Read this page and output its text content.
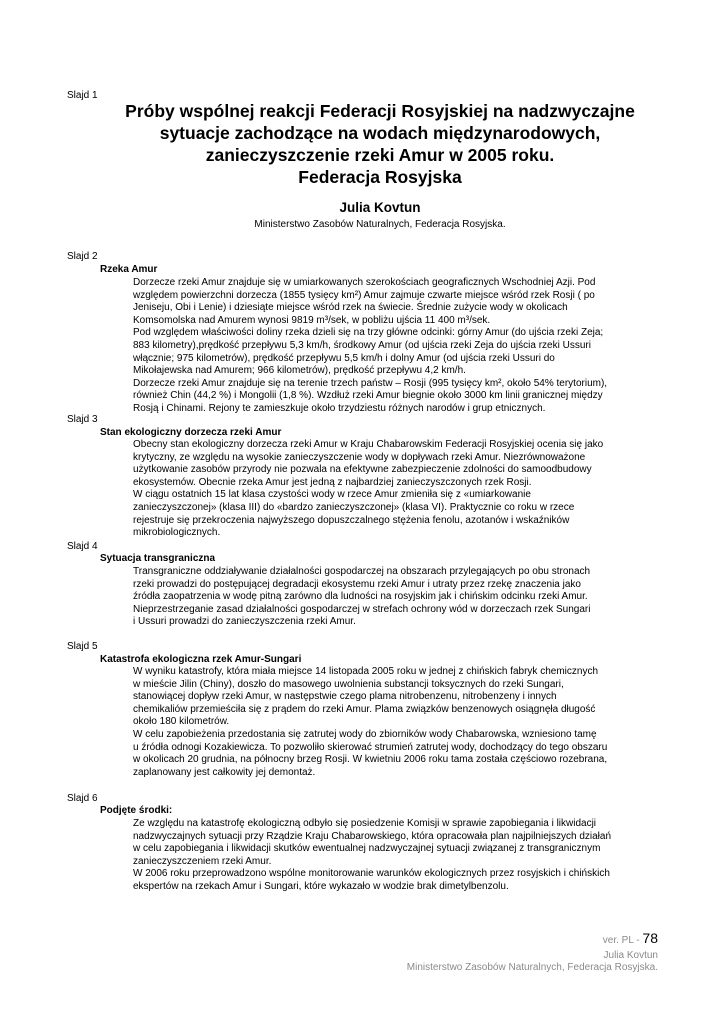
Slajd 1
Próby wspólnej reakcji Federacji Rosyjskiej na nadzwyczajne
sytuacje zachodzące na wodach międzynarodowych,
zanieczyszczenie rzeki Amur w 2005 roku.
Federacja Rosyjska
Julia Kovtun
Ministerstwo Zasobów Naturalnych, Federacja Rosyjska.
Slajd 2
Rzeka Amur
Dorzecze rzeki Amur znajduje się w umiarkowanych szerokościach geograficznych Wschodniej Azji. Pod
względem powierzchni dorzecza (1855 tysięcy km²) Amur zajmuje czwarte miejsce wśród rzek Rosji ( po
Jeniseju, Obi i Lenie) i dziesiąte miejsce wśród rzek na świecie. Średnie zużycie wody w okolicach
Komsomolska nad Amurem wynosi 9819 m³/sek, w pobliżu ujścia 11 400 m³/sek.
Pod względem właściwości doliny rzeka dzieli się na trzy główne odcinki: górny Amur (do ujścia rzeki Zeja;
883 kilometry),prędkość przepływu 5,3 km/h, środkowy Amur (od ujścia rzeki Zeja do ujścia rzeki Ussuri
włącznie; 975 kilometrów), prędkość przepływu 5,5 km/h i dolny Amur (od ujścia rzeki Ussuri do
Mikołajewska nad Amurem; 966 kilometrów), prędkość przepływu 4,2 km/h.
Dorzecze rzeki Amur znajduje się na terenie trzech państw – Rosji (995 tysięcy km², około 54% terytorium),
również Chin (44,2 %) i Mongolii (1,8 %). Wzdłuż rzeki Amur biegnie około 3000 km linii granicznej między
Rosją i Chinami. Rejony te zamieszkuje około trzydziestu różnych narodów i grup etnicznych.
Slajd 3
Stan ekologiczny dorzecza rzeki Amur
Obecny stan ekologiczny dorzecza rzeki Amur w Kraju Chabarowskim Federacji Rosyjskiej ocenia się jako
krytyczny, ze względu na wysokie zanieczyszczenie wody w dopływach rzeki Amur. Niezrównoważone
użytkowanie zasobów przyrody nie pozwala na efektywne zabezpieczenie zdolności do samoodbudowy
ekosystemów. Obecnie rzeka Amur jest jedną z najbardziej zanieczyszczonych rzek Rosji.
W ciągu ostatnich 15 lat klasa czystości wody w rzece Amur zmieniła się z «umiarkowanie
zanieczyszczonej» (klasa III) do «bardzo zanieczyszczonej» (klasa VI). Praktycznie co roku w rzece
rejestruje się przekroczenia najwyższego dopuszczalnego stężenia fenolu, azotanów i wskaźników
mikrobiologicznych.
Slajd 4
Sytuacja transgraniczna
Transgraniczne oddziaływanie działalności gospodarczej na obszarach przylegających po obu stronach
rzeki prowadzi do postępującej degradacji ekosystemu rzeki Amur i utraty przez rzekę znaczenia jako
źródła zaopatrzenia w wodę pitną zarówno dla ludności na rosyjskim jak i chińskim odcinku rzeki Amur.
Nieprzestrzeganie zasad działalności gospodarczej w strefach ochrony wód w dorzeczach rzek Sungari
i Ussuri prowadzi do zanieczyszczenia rzeki Amur.
Slajd 5
Katastrofa ekologiczna rzek Amur-Sungari
W wyniku katastrofy, która miała miejsce 14 listopada 2005 roku w jednej z chińskich fabryk chemicznych
w mieście Jilin (Chiny), doszło do masowego uwolnienia substancji toksycznych do rzeki Sungari,
stanowiącej dopływ rzeki Amur, w następstwie czego plama nitrobenzenu, nitrobenzeny i innych
chemikaliów przemieściła się z prądem do rzeki Amur. Plama związków benzenowych osiągnęła długość
około 180 kilometrów.
W celu zapobieżenia przedostania się zatrutej wody do zbiorników wody Chabarowska, wzniesiono tamę
u źródła odnogi Kozakiewicza. To pozwoliło skierować strumień zatrutej wody, dochodzący do tego obszaru
w okolicach 20 grudnia, na północny brzeg Rosji. W kwietniu 2006 roku tama została częściowo rozebrana,
zaplanowany jest całkowity jej demontaż.
Slajd 6
Podjęte środki:
Ze względu na katastrofę ekologiczną odbyło się posiedzenie Komisji w sprawie zapobiegania i likwidacji
nadzwyczajnych sytuacji przy Rządzie Kraju Chabarowskiego, która opracowała plan najpilniejszych działań
w celu zapobiegania i likwidacji skutków ewentualnej nadzwyczajnej sytuacji związanej z transgranicznym
zanieczyszczeniem rzeki Amur.
W 2006 roku przeprowadzono wspólne monitorowanie warunków ekologicznych przez rosyjskich i chińskich
ekspertów na rzekach Amur i Sungari, które wykazało w wodzie brak dimetylbenzolu.
ver. PL - 78
Julia Kovtun
Ministerstwo Zasobów Naturalnych, Federacja Rosyjska.
